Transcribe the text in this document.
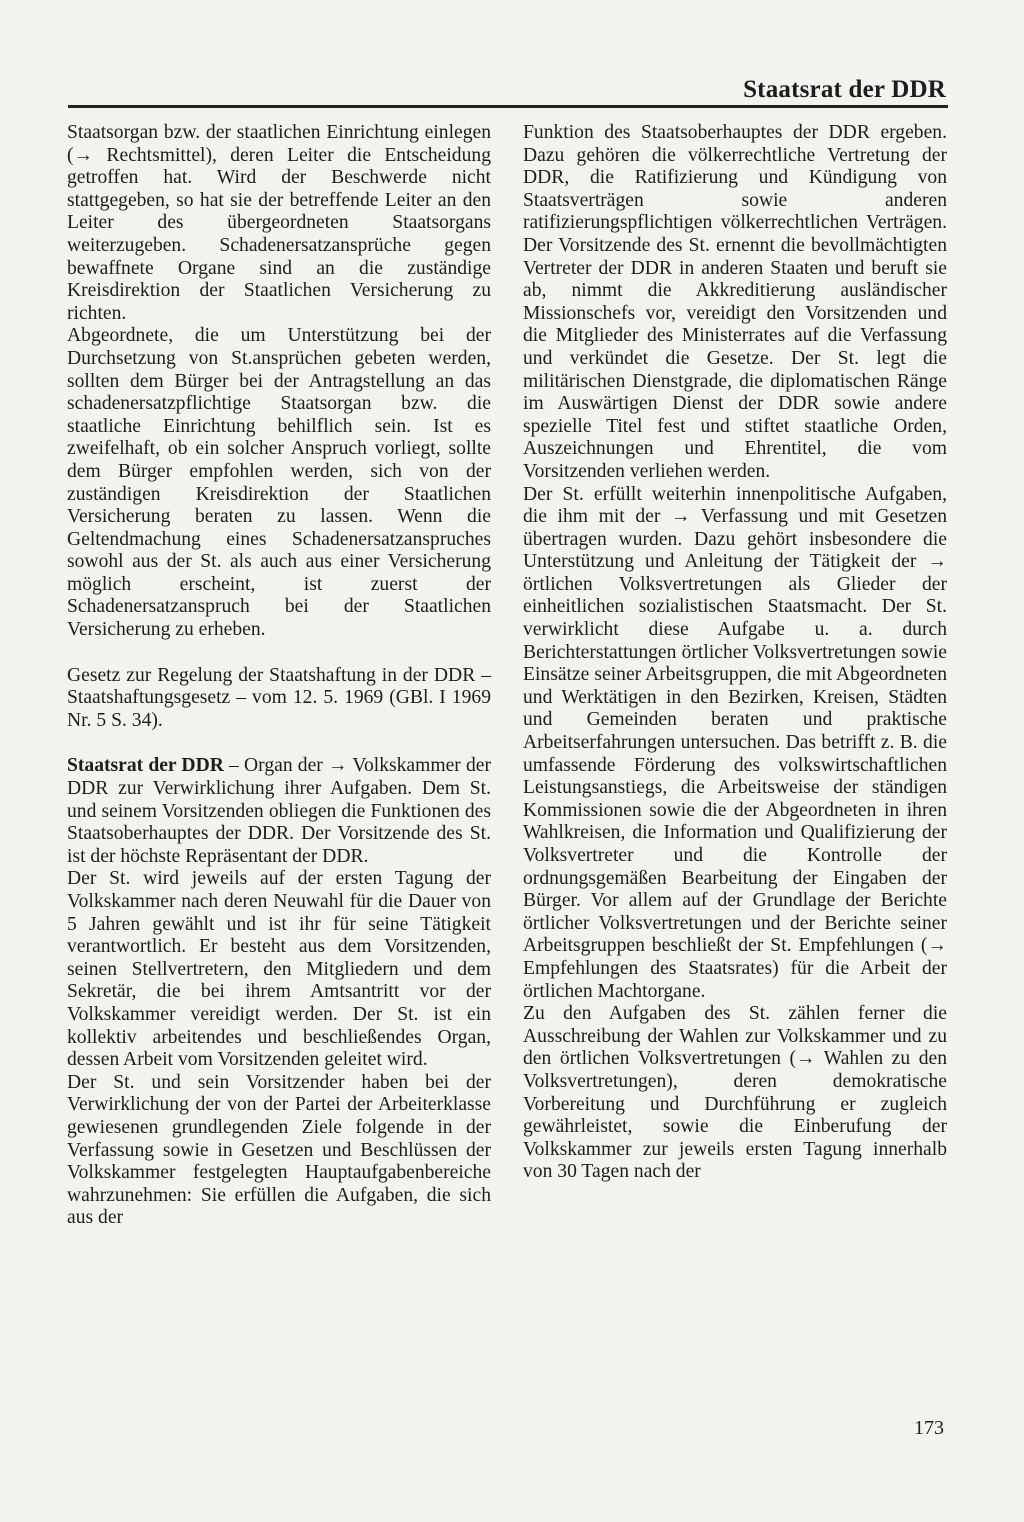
Staatsrat der DDR

Staatsorgan bzw. der staatlichen Einrichtung einlegen (→ Rechtsmittel), deren Leiter die Entscheidung getroffen hat. Wird der Beschwerde nicht stattgegeben, so hat sie der betreffende Leiter an den Leiter des übergeordneten Staatsorgans weiterzugeben. Schadenersatzansprüche gegen bewaffnete Organe sind an die zuständige Kreisdirektion der Staatlichen Versicherung zu richten.

Abgeordnete, die um Unterstützung bei der Durchsetzung von St.ansprüchen gebeten werden, sollten dem Bürger bei der Antragstellung an das schadenersatzpflichtige Staatsorgan bzw. die staatliche Einrichtung behilflich sein. Ist es zweifelhaft, ob ein solcher Anspruch vorliegt, sollte dem Bürger empfohlen werden, sich von der zuständigen Kreisdirektion der Staatlichen Versicherung beraten zu lassen. Wenn die Geltendmachung eines Schadenersatzanspruches sowohl aus der St. als auch aus einer Versicherung möglich erscheint, ist zuerst der Schadenersatzanspruch bei der Staatlichen Versicherung zu erheben.

Gesetz zur Regelung der Staatshaftung in der DDR – Staatshaftungsgesetz – vom 12. 5. 1969 (GBl. I 1969 Nr. 5 S. 34).

Staatsrat der DDR – Organ der → Volkskammer der DDR zur Verwirklichung ihrer Aufgaben. Dem St. und seinem Vorsitzenden obliegen die Funktionen des Staatsoberhauptes der DDR. Der Vorsitzende des St. ist der höchste Repräsentant der DDR.

Der St. wird jeweils auf der ersten Tagung der Volkskammer nach deren Neuwahl für die Dauer von 5 Jahren gewählt und ist ihr für seine Tätigkeit verantwortlich. Er besteht aus dem Vorsitzenden, seinen Stellvertretern, den Mitgliedern und dem Sekretär, die bei ihrem Amtsantritt vor der Volkskammer vereidigt werden. Der St. ist ein kollektiv arbeitendes und beschließendes Organ, dessen Arbeit vom Vorsitzenden geleitet wird.

Der St. und sein Vorsitzender haben bei der Verwirklichung der von der Partei der Arbeiterklasse gewiesenen grundlegenden Ziele folgende in der Verfassung sowie in Gesetzen und Beschlüssen der Volkskammer festgelegten Hauptaufgabenbereiche wahrzunehmen: Sie erfüllen die Aufgaben, die sich aus der

Funktion des Staatsoberhauptes der DDR ergeben. Dazu gehören die völkerrechtliche Vertretung der DDR, die Ratifizierung und Kündigung von Staatsverträgen sowie anderen ratifizierungspflichtigen völkerrechtlichen Verträgen. Der Vorsitzende des St. ernennt die bevollmächtigten Vertreter der DDR in anderen Staaten und beruft sie ab, nimmt die Akkreditierung ausländischer Missionschefs vor, vereidigt den Vorsitzenden und die Mitglieder des Ministerrates auf die Verfassung und verkündet die Gesetze. Der St. legt die militärischen Dienstgrade, die diplomatischen Ränge im Auswärtigen Dienst der DDR sowie andere spezielle Titel fest und stiftet staatliche Orden, Auszeichnungen und Ehrentitel, die vom Vorsitzenden verliehen werden.

Der St. erfüllt weiterhin innenpolitische Aufgaben, die ihm mit der → Verfassung und mit Gesetzen übertragen wurden. Dazu gehört insbesondere die Unterstützung und Anleitung der Tätigkeit der → örtlichen Volksvertretungen als Glieder der einheitlichen sozialistischen Staatsmacht. Der St. verwirklicht diese Aufgabe u. a. durch Berichterstattungen örtlicher Volksvertretungen sowie Einsätze seiner Arbeitsgruppen, die mit Abgeordneten und Werktätigen in den Bezirken, Kreisen, Städten und Gemeinden beraten und praktische Arbeitserfahrungen untersuchen. Das betrifft z. B. die umfassende Förderung des volkswirtschaftlichen Leistungsanstiegs, die Arbeitsweise der ständigen Kommissionen sowie die der Abgeordneten in ihren Wahlkreisen, die Information und Qualifizierung der Volksvertreter und die Kontrolle der ordnungsgemäßen Bearbeitung der Eingaben der Bürger. Vor allem auf der Grundlage der Berichte örtlicher Volksvertretungen und der Berichte seiner Arbeitsgruppen beschließt der St. Empfehlungen (→ Empfehlungen des Staatsrates) für die Arbeit der örtlichen Machtorgane.

Zu den Aufgaben des St. zählen ferner die Ausschreibung der Wahlen zur Volkskammer und zu den örtlichen Volksvertretungen (→ Wahlen zu den Volksvertretungen), deren demokratische Vorbereitung und Durchführung er zugleich gewährleistet, sowie die Einberufung der Volkskammer zur jeweils ersten Tagung innerhalb von 30 Tagen nach der

173
